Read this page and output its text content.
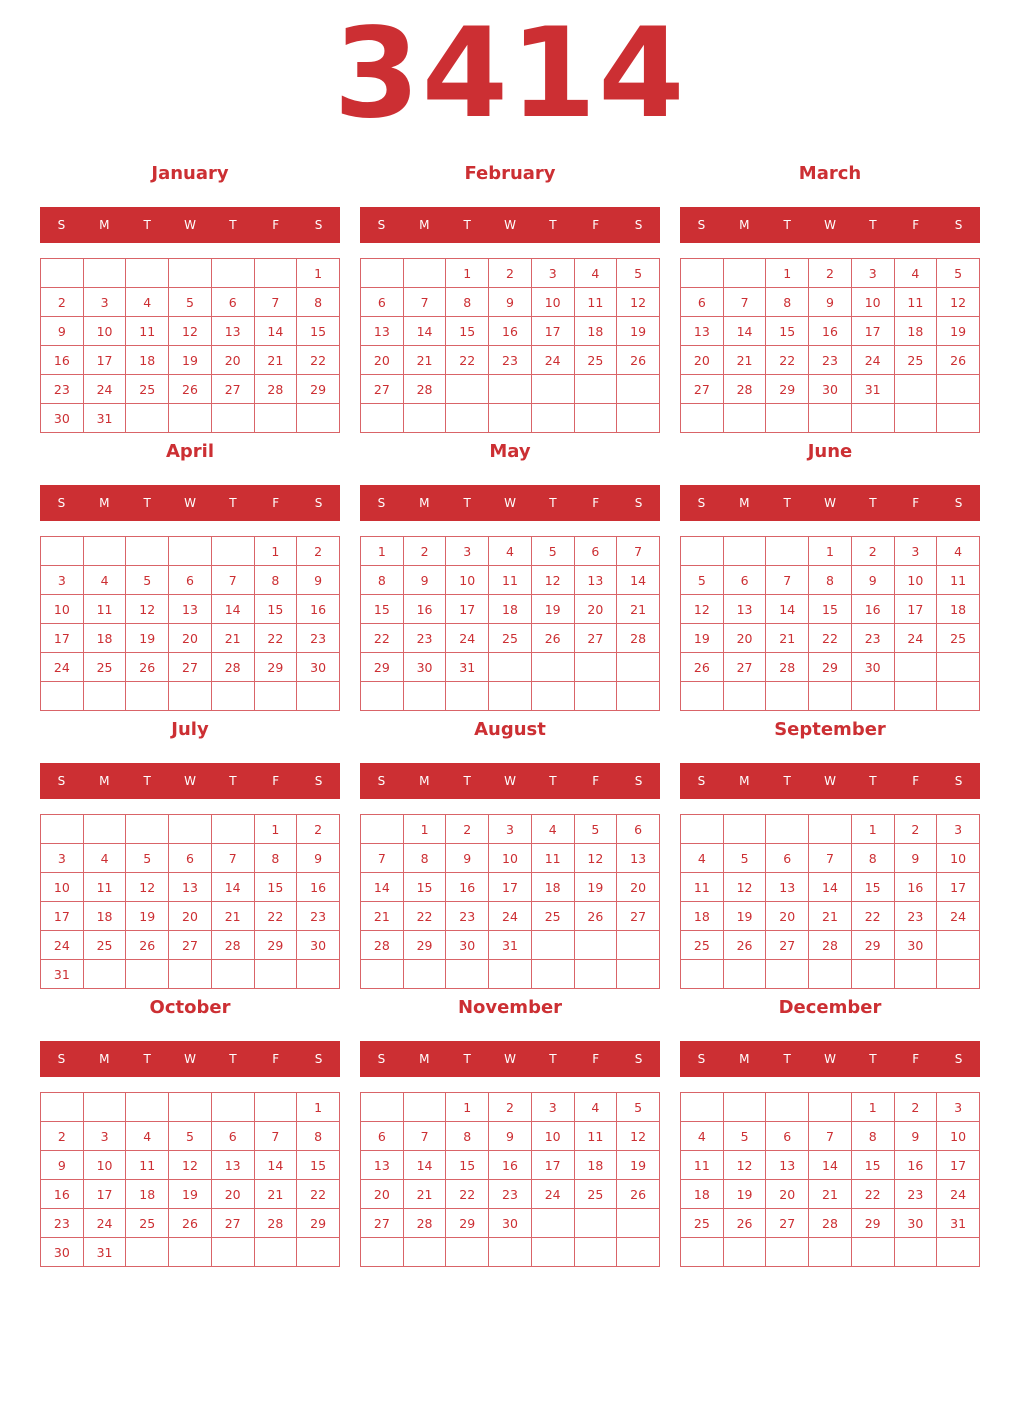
3414
January
S	M	T	W	T	F	S
						1
2	3	4	5	6	7	8
9	10	11	12	13	14	15
16	17	18	19	20	21	22
23	24	25	26	27	28	29
30	31					
February
S	M	T	W	T	F	S
		1	2	3	4	5
6	7	8	9	10	11	12
13	14	15	16	17	18	19
20	21	22	23	24	25	26
27	28					

March
S	M	T	W	T	F	S
		1	2	3	4	5
6	7	8	9	10	11	12
13	14	15	16	17	18	19
20	21	22	23	24	25	26
27	28	29	30	31		

April
S	M	T	W	T	F	S
					1	2
3	4	5	6	7	8	9
10	11	12	13	14	15	16
17	18	19	20	21	22	23
24	25	26	27	28	29	30

May
S	M	T	W	T	F	S
1	2	3	4	5	6	7
8	9	10	11	12	13	14
15	16	17	18	19	20	21
22	23	24	25	26	27	28
29	30	31				

June
S	M	T	W	T	F	S
			1	2	3	4
5	6	7	8	9	10	11
12	13	14	15	16	17	18
19	20	21	22	23	24	25
26	27	28	29	30		

July
S	M	T	W	T	F	S
					1	2
3	4	5	6	7	8	9
10	11	12	13	14	15	16
17	18	19	20	21	22	23
24	25	26	27	28	29	30
31						
August
S	M	T	W	T	F	S
	1	2	3	4	5	6
7	8	9	10	11	12	13
14	15	16	17	18	19	20
21	22	23	24	25	26	27
28	29	30	31			

September
S	M	T	W	T	F	S
				1	2	3
4	5	6	7	8	9	10
11	12	13	14	15	16	17
18	19	20	21	22	23	24
25	26	27	28	29	30	

October
S	M	T	W	T	F	S
						1
2	3	4	5	6	7	8
9	10	11	12	13	14	15
16	17	18	19	20	21	22
23	24	25	26	27	28	29
30	31					
November
S	M	T	W	T	F	S
		1	2	3	4	5
6	7	8	9	10	11	12
13	14	15	16	17	18	19
20	21	22	23	24	25	26
27	28	29	30			

December
S	M	T	W	T	F	S
				1	2	3
4	5	6	7	8	9	10
11	12	13	14	15	16	17
18	19	20	21	22	23	24
25	26	27	28	29	30	31
